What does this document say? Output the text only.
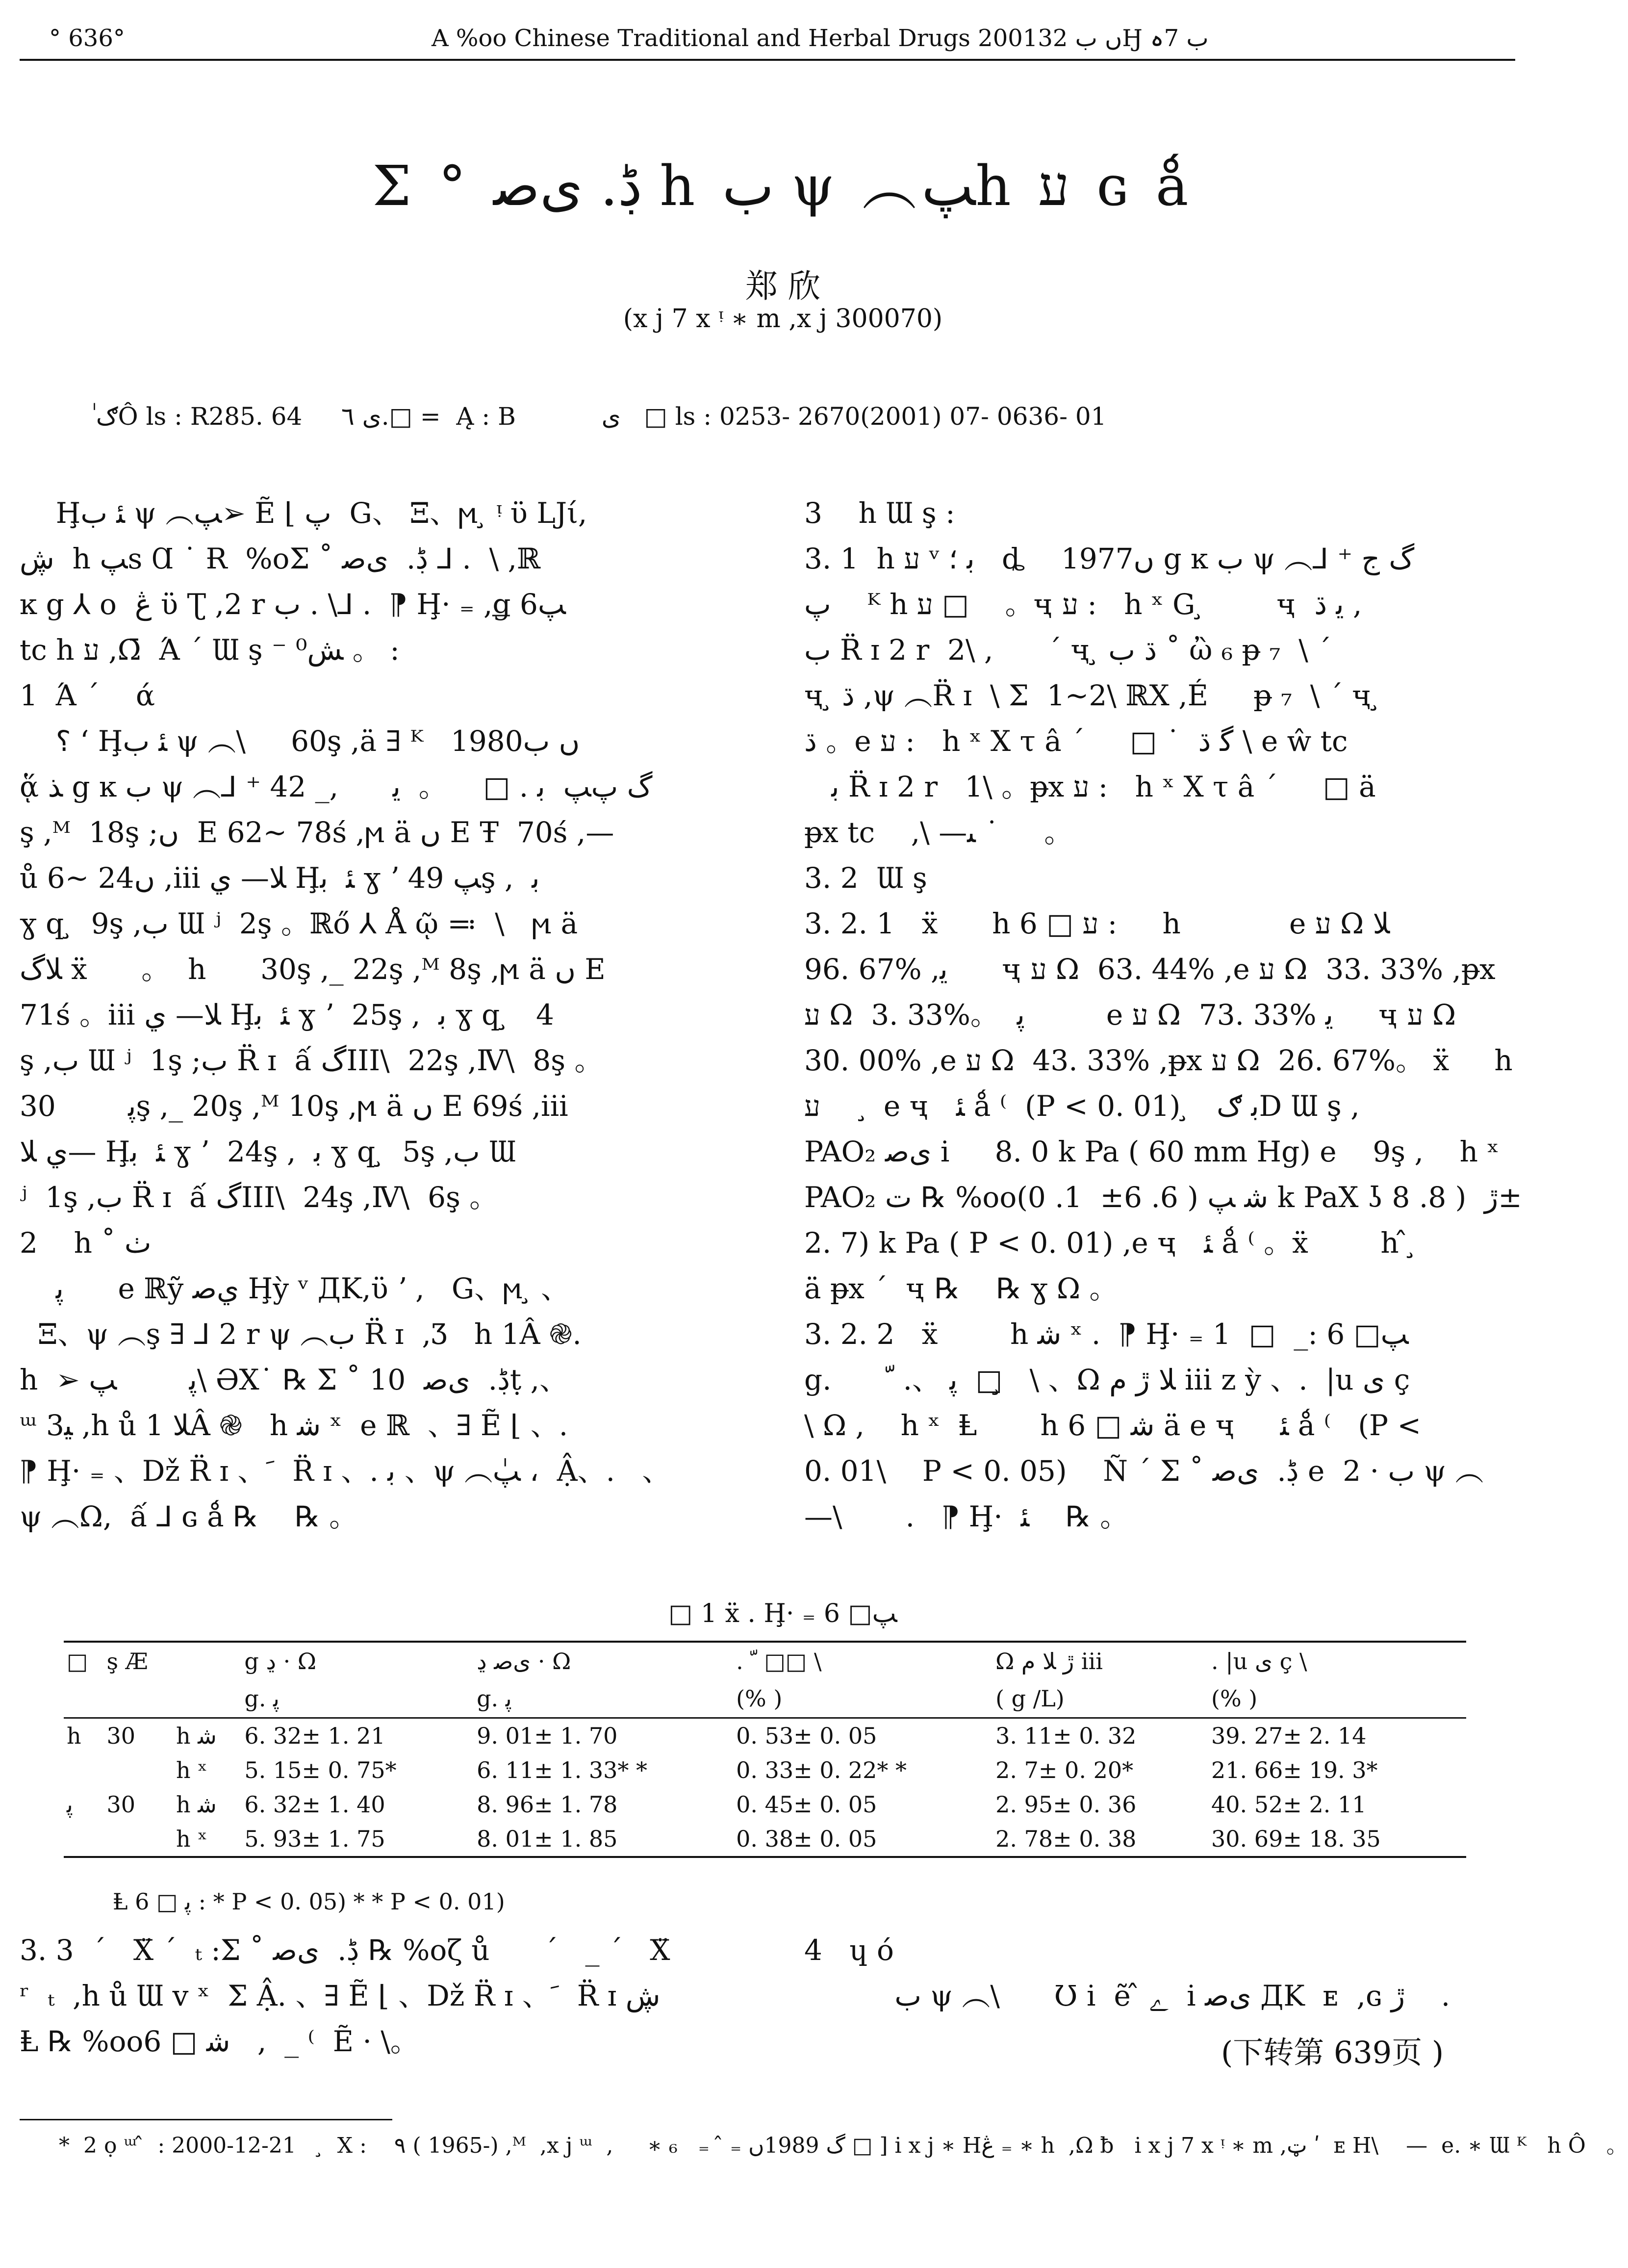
° 636°	A %oo Chinese Traditional and Herbal Drugs 2001ں ب 32Ӈ ب 7ہ
Σ ° ڋ. ﻯﺻ h ب ψ ︵ﭗh ﬠ ɢ ǻ
郑 欣
(x j 7 x ᵎ ∗ m ,x j 300070)
ٰ ګÔ ls : R285. 64     ى ٦.□ =  Ą : B           ى   □ ls : 0253- 2670(2001) 07- 0636- 01
Ḩﺌ ب ψ ︵ﭗ➢ Ẽ ⌊ ﭖ  G、 Ξ、ϻ ̧ ᵎ ϋ LJί,
ڜ  h ﭗs Ɑ ˙ Ɍ  %oΣ ˚ ڋ.  ﻯﺻ ⅃ .  \ ,ℝ
ĸ g ⅄ o  ڠ ϋ Ʈ ,2 r ب . \⅃ .  ⁋ Ḩ· ₌ ,ǥ ﭗ6
tc h ﬠ ,Ω̄  Ά ´ Ɯ ş ⁻ ﺶ⁰ 。 :
1  Ά ´    ά
؟ ʻ Ḩﺌ ب ψ ︵\     60ş ,ä ∃ ᴷ   1980ں ب
ᾅ ﺬ g ĸ ب ψ ︵⅃ ⁺ ﮒ پﭗ  ﺑ . □    。  ﯾ      ,_ 42
ş ,ᴹ  18ş ;ں  Ε 62~ 78ś ,ϻ ä ں Ε Ŧ  70ś ,—
ů 6~ 24ں ,iii ﻼ— ﻱ Ḩﺌ  ﺑ ɣ ʼ ﭗ 49ş ,  ﺑ
ɣ q ̧  9ş ,ب Ɯ ʲ  2ş 。ℝő ⅄ Å ῷ ≕  \   ϻ ä
ﻼﮒ ẍ      。  h      30ş ,_ 22ş ,ᴹ 8ş ,ϻ ä ں Ε
71ś 。iii ﻼ— ﻱ Ḩﺌ  ﺑ ɣ ʼ  25ş ,  ﺑ ɣ q ̧   4
ş ,ب Ɯ ʲ  1ş ;ب R̈ ɪ  ấ ﮒIII\  22ş ,Ⅳ\  8ş 。
ﭘ        30ş ,_ 20ş ,ᴹ 10ş ,ϻ ä ں Ε 69ś ,iii
ﻱ ﻼ— Ḩﺌ  ﺑ ɣ ʼ  24ş ,  ﺑ ɣ q ̧  5ş ,ب Ɯ
ʲ  1ş ,ب R̈ ɪ  ấ ﮒIII\  24ş ,Ⅳ\  6ş 。
2    h ˚ ﭞ
ﭘ      e ℝỹ ﻱﺻ Ḩỳ ᵛ ДK,ϋ ʼ ,   G、ϻ ̧ 、
Ξ、ψ ︵ş ∃ ⅃ 2 r ψ ︵ب R̈ ɪ  ,Ʒ   h 1Â ֎.
h  ➢ ﭘ        ﭗ\ ӘΧ˙ ℞ Σ ˚ ڋ.  ﻯﺻ  10ṭ ,、
ᵚ 3ﯿ ,h ů ﻼ 1Â ֎   h ﺷ ˣ  e ℝ  、∃ Ẽ ⌊ 、.
⁋ Ḩ· ₌ 、Dž R̈ ɪ 、ﹶ  R̈ ɪ 、. ﺑ 、ψ ︵ﭗٰ ،  Ậ、.   、
ψ ︵Ω,  ấ ⅃ ɢ ǻ ℞    ℞ 。
3    h Ɯ ş :
3. 1  h ﬠ ᵛ ﺑ ؛   ȡ    1977ں g ĸ ب ψ ︵⅃ ⁺ ﮒ ﺝ
ﭖ    ᴷ h ﬠ □    。ҷ ﬠ :   h ˣ G ̧        ҷ  ﯾ ڌ ,
ب R̈ ɪ 2 r  2\ ,      ´ ҷ ̧ ڌ ب ˚ ὢ ₆ ᵽ ₇  \ ´
ҷ ̧ ڌ ,ψ ︵R̈ ɪ  \ Σ  1~2\ ℝΧ ,É     ᵽ ₇  \ ´ ҷ ̧
ڌ 。e ﬠ :   h ˣ Χ τ â ´     □ ˙  ﮔ ڌ \ e ŵ tc
ﺑ R̈ ɪ 2 r   1\ 。ᵽx ﬠ :   h ˣ Χ τ â ´     □ ä
ᵽx tc    ,\ —ﯩ ˙     。
3. 2  Ɯ ş
3. 2. 1   ẍ      h ﬠ □ 6 :     h            e ﬠ Ω ﻼ
96. 67% ,ﯾ      ҷ ﬠ Ω  63. 44% ,e ﬠ Ω  33. 33% ,ᵽx
ﬠ Ω  3. 33%。  ﭘ         e ﬠ Ω  73. 33% ﯾ     ҷ ﬠ Ω
30. 00% ,e ﬠ Ω  43. 33% ,ᵽx ﬠ Ω  26. 67%。 ẍ     h
ﬠ     ̧  e ҷ   ﺌ ǻ ⁽  (P < 0. 01) ̧   ﺑ ګD Ɯ ş ,
PAO₂ ﻯﺻ i     8. 0 k Pa ( 60 mm Hg) e    9ş ,    h ˣ
PAO₂ ت ℞ %ooﺷ ﭗ ( 6. 6±  1. 0) k PaΧ ʖ ڙ  ( 8. 8±
2. 7) k Pa ( P < 0. 01) ,e ҷ   ﺌ ǻ ⁽ 。ẍ        h ̂ ̧
ä ᵽx ´  ҷ ℞    ℞ ɣ Ω 。
3. 2. 2   ẍ        h ﺷ ˣ .  ⁋ Ḩ· ₌ ﭗ□ 6 :_  □  1
g.      ﭘ 、. ﹼ  □ ̧  \ 、Ω ﻼ ڙ م iii z ỳ 、.  |u ﯼ ç
\ Ω ,    h ˣ  Ⱡ       h ﺷ □ 6 ä e ҷ     ﺌ ǻ ⁽   (P <
0. 01\    P < 0. 05)    Ñ ´ Σ ˚ ڋ.  ﻯﺻ e  2 · ب ψ ︵
—\       .   ⁋ Ḩ·  ﺌ    ℞ 。
□ 1 ẍ . Ḩ· ₌ ﭗ□ 6
□	ş Æ		g ڍ · Ω	ﻯﺻ ڍ · Ω	. ﹼ □□ \	Ω ڙ ﻼ م iii	. |u ﯼ ç \
			g. ﭘ	g. ﭘ	(% )	( g /L)	(% )
h	30	h ﺷ	6. 32± 1. 21	9. 01± 1. 70	0. 53± 0. 05	3. 11± 0. 32	39. 27± 2. 14
		h ˣ	5. 15± 0. 75*	6. 11± 1. 33* *	0. 33± 0. 22* *	2. 7± 0. 20*	21. 66± 19. 3*
ﭘ	30	h ﺷ	6. 32± 1. 40	8. 96± 1. 78	0. 45± 0. 05	2. 95± 0. 36	40. 52± 2. 11
		h ˣ	5. 93± 1. 75	8. 01± 1. 85	0. 38± 0. 05	2. 78± 0. 38	30. 69± 18. 35
Ⱡ ﭘ □ 6 : * P < 0. 05) * * P < 0. 01)
3. 3  ´   Χ̈ ´  ₜ :Σ ˚ ڋ.  ﻯﺻ ℞ %oζ ů      ´   _ ´   Χ̈
ʳ  ₜ  ,h ů Ɯ v ˣ  Σ Ậ. 、∃ Ẽ ⌊ 、Dž R̈ ɪ 、ﹶ  R̈ ɪ ڜ
Ⱡ ℞ %ooﺷ □ 6   ,  _ ⁽  Ẽ · \。
4   ɥ ó
ب ψ ︵\      Ʊ i  ẽ ̂ ﮮ  i ﻯﺻ ДK  ᴇ  ,ɢ ڙ    .
(下转第 639页 )
*  2 ọ ᵚ ̂  : 2000-12-21    ̧  Χ :    ٩ ( 1965-) ,ᴹ  ,x j ᵚ  ,     ∗ ₆   ₌  ̂ ₌ ﮒ 1989ں □ ] i x j ∗ Hڠ ₌ ∗ h  ,Ω ƀ   i x j 7 x ᵎ ∗ m ,ټ ʹ  ᴇ H\    —  e. ∗ Ɯ ᴷ   h Ô   。
